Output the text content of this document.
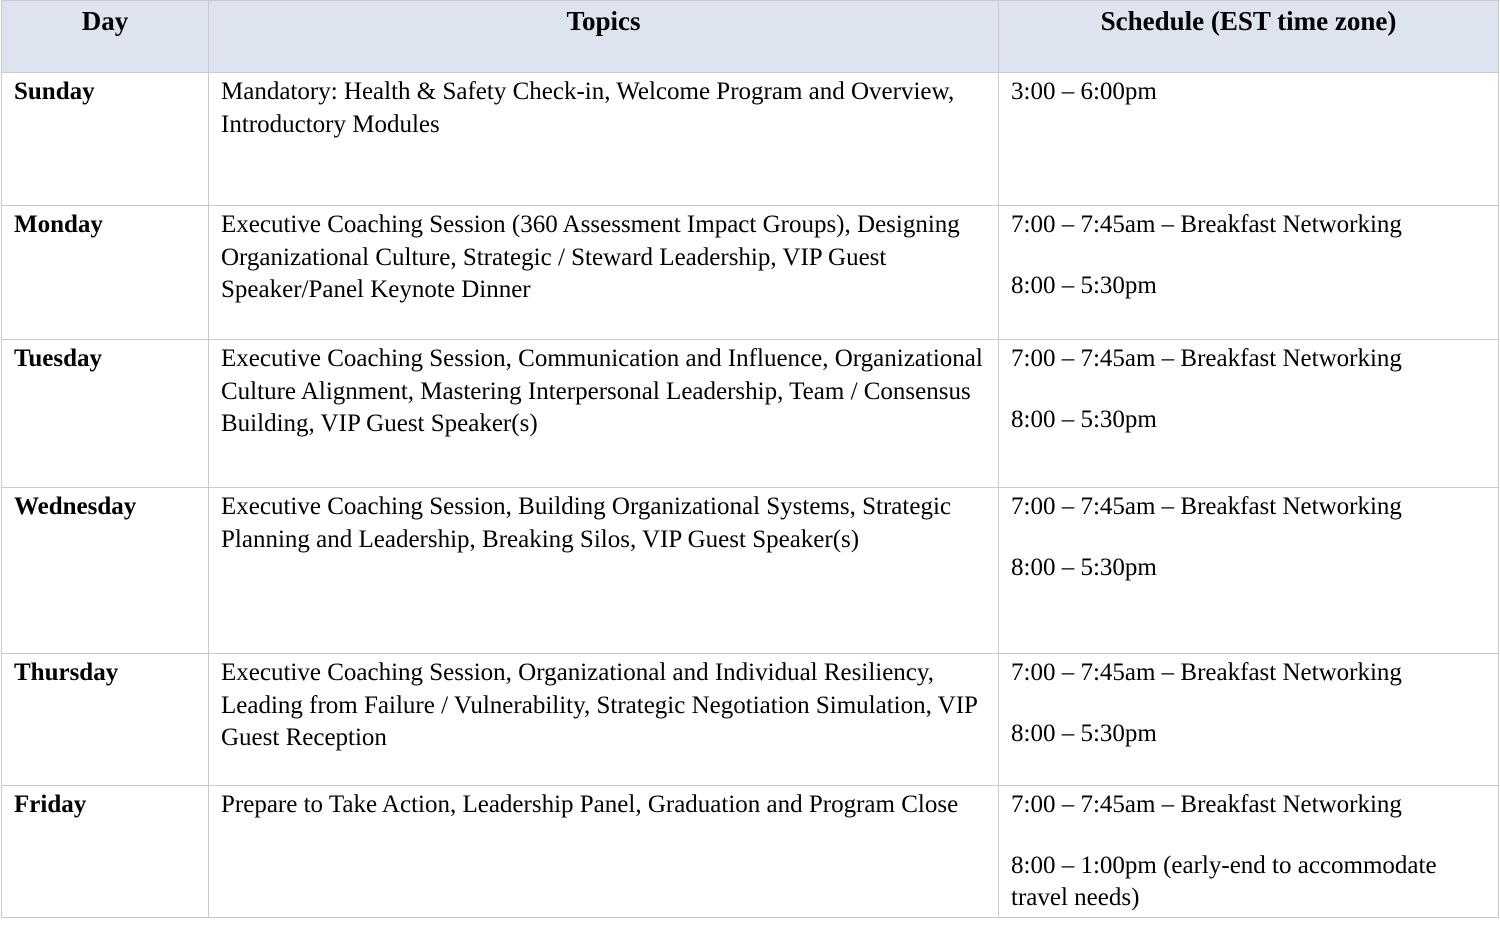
Day	Topics	Schedule (EST time zone)
Sunday	Mandatory: Health & Safety Check-in, Welcome Program and Overview, Introductory Modules	3:00 – 6:00pm

Monday	Executive Coaching Session (360 Assessment Impact Groups), Designing Organizational Culture, Strategic / Steward Leadership, VIP Guest Speaker/Panel Keynote Dinner	7:00 – 7:45am – Breakfast Networking
8:00 – 5:30pm

Tuesday	Executive Coaching Session, Communication and Influence, Organizational Culture Alignment, Mastering Interpersonal Leadership, Team / Consensus Building, VIP Guest Speaker(s)	7:00 – 7:45am – Breakfast Networking
8:00 – 5:30pm

Wednesday	Executive Coaching Session, Building Organizational Systems, Strategic Planning and Leadership, Breaking Silos, VIP Guest Speaker(s)	7:00 – 7:45am – Breakfast Networking
8:00 – 5:30pm

Thursday	Executive Coaching Session, Organizational and Individual Resiliency, Leading from Failure / Vulnerability, Strategic Negotiation Simulation, VIP Guest Reception	7:00 – 7:45am – Breakfast Networking
8:00 – 5:30pm

Friday	Prepare to Take Action, Leadership Panel, Graduation and Program Close	7:00 – 7:45am – Breakfast Networking
8:00 – 1:00pm (early-end to accommodate travel needs)
